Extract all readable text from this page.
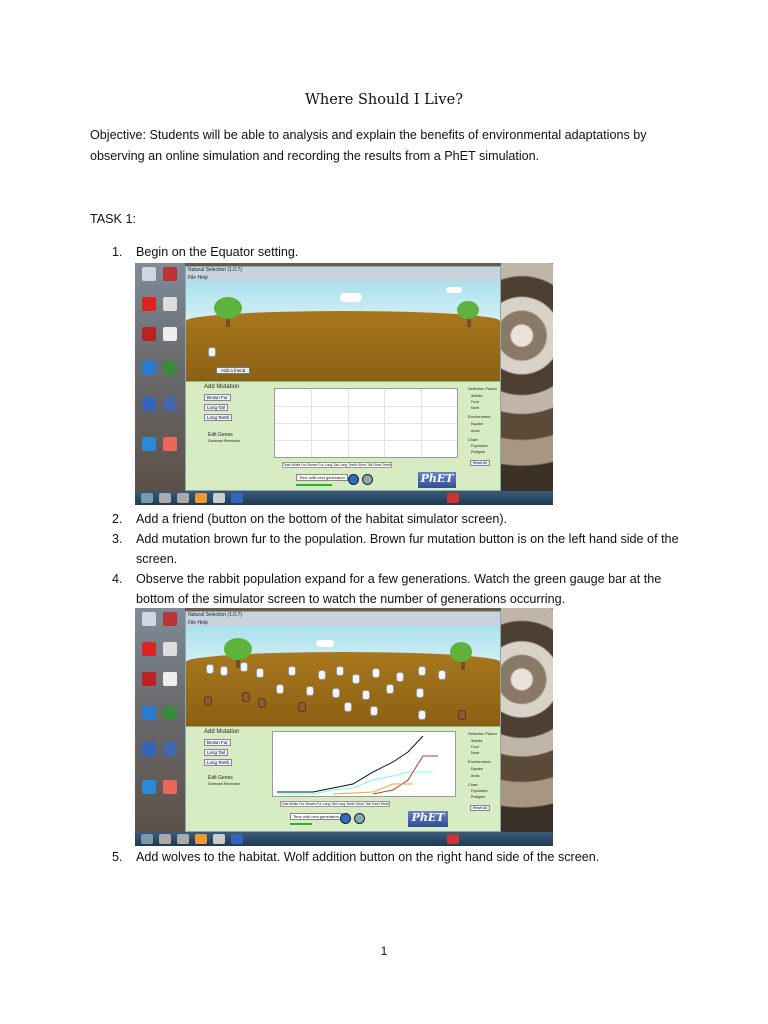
Where Should I Live?
Objective: Students will be able to analysis and explain the benefits of environmental adaptations by
observing an online simulation and recording the results from a PhET simulation.
TASK 1:
1. Begin on the Equator setting.
Natural Selection (1.0.7)
File Help
Add a friend
Add Mutation
Brown Fur
Long Tail
Long Teeth
Edit Genes
Dominant Recessive
Total White Fur Brown Fur Long Tail Long Teeth Short Tail Short Teeth
Selection Factor
Wolves
Food
None
Environment
Equator
Arctic
Chart
Population
Pedigree
Reset All
Time until next generation	PhET
2. Add a friend (button on the bottom of the habitat simulator screen).
3. Add mutation brown fur to the population. Brown fur mutation button is on the left hand side of the screen.
4. Observe the rabbit population expand for a few generations. Watch the green gauge bar at the bottom of the simulator screen to watch the number of generations occurring.
Natural Selection (1.0.7)
File Help
Add Mutation
Brown Fur
Long Tail
Long Teeth
Edit Genes
Dominant Recessive
Total White Fur Brown Fur Long Tail Long Teeth Short Tail Short Teeth
Selection Factor
Wolves
Food
None
Environment
Equator
Arctic
Chart
Population
Pedigree
Reset All
Time until next generation	PhET
5. Add wolves to the habitat. Wolf addition button on the right hand side of the screen.
1
